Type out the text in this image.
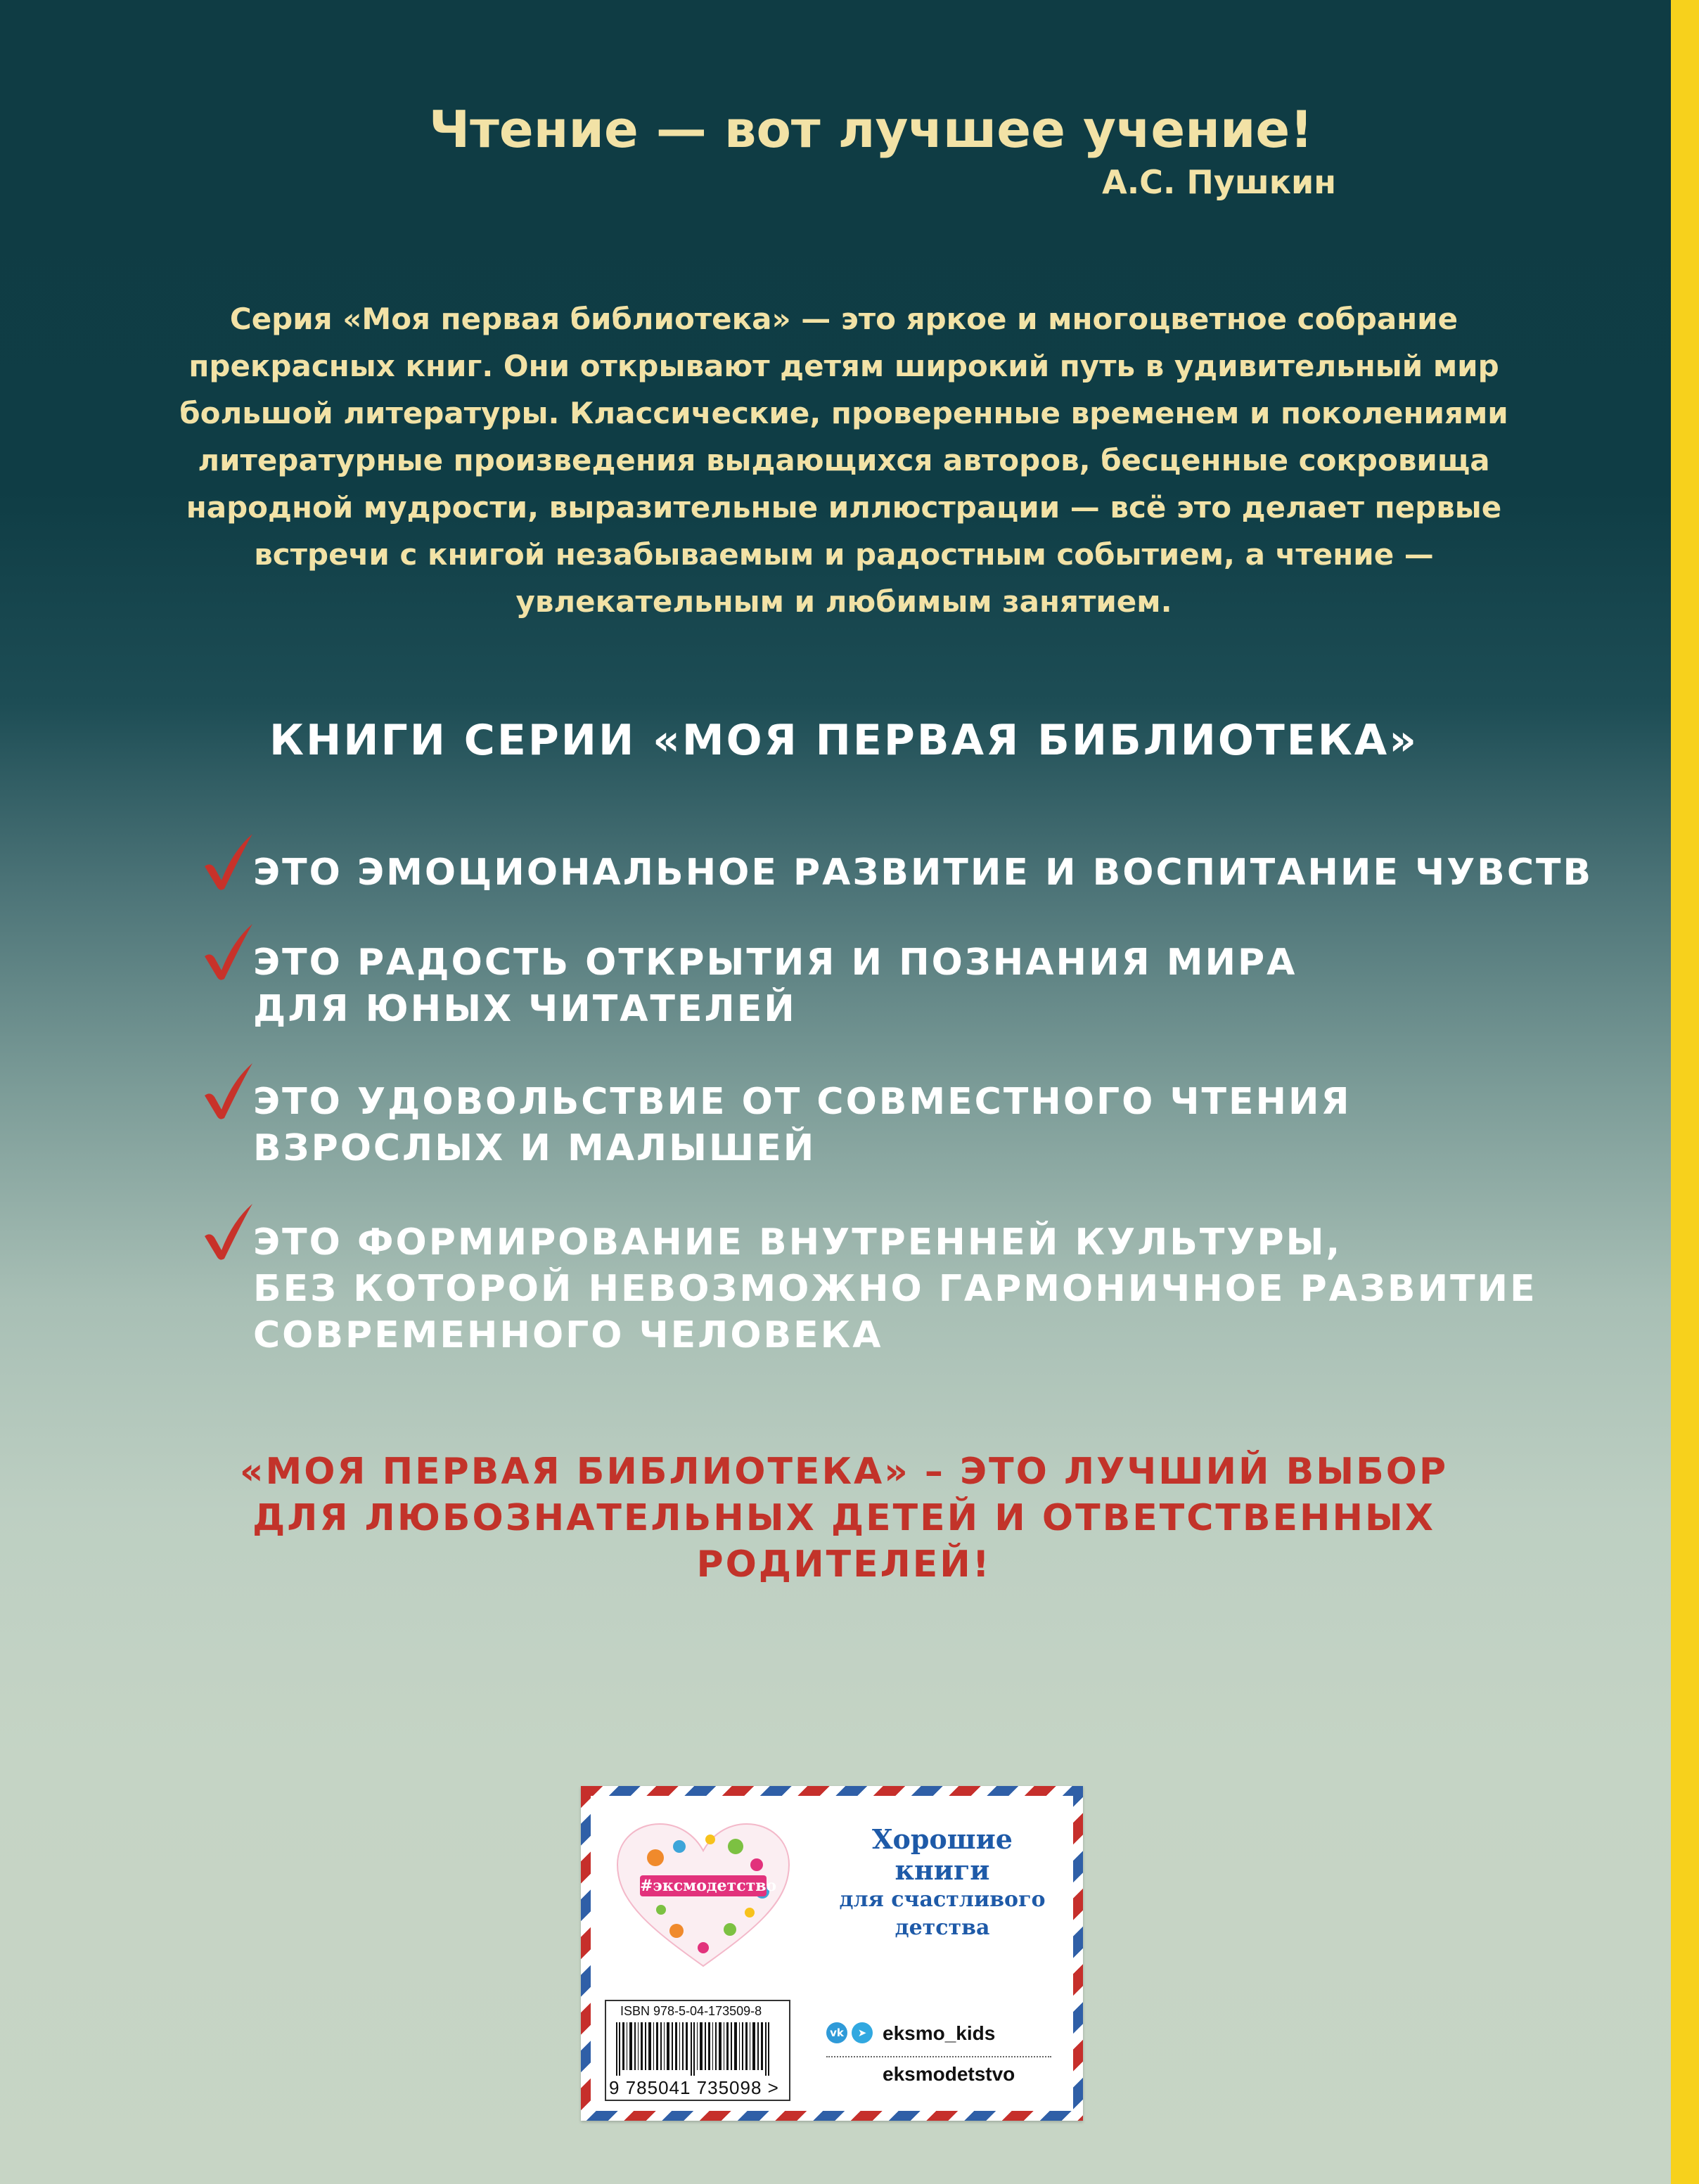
Чтение — вот лучшее учение!
А.С. Пушкин
Серия «Моя первая библиотека» — это яркое и многоцветное собрание
прекрасных книг. Они открывают детям широкий путь в удивительный мир
большой литературы. Классические, проверенные временем и поколениями
литературные произведения выдающихся авторов, бесценные сокровища
народной мудрости, выразительные иллюстрации — всё это делает первые
встречи с книгой незабываемым и радостным событием, а чтение —
увлекательным и любимым занятием.
КНИГИ СЕРИИ «МОЯ ПЕРВАЯ БИБЛИОТЕКА»
ЭТО ЭМОЦИОНАЛЬНОЕ РАЗВИТИЕ И ВОСПИТАНИЕ ЧУВСТВ
ЭТО РАДОСТЬ ОТКРЫТИЯ И ПОЗНАНИЯ МИРА
ДЛЯ ЮНЫХ ЧИТАТЕЛЕЙ
ЭТО УДОВОЛЬСТВИЕ ОТ СОВМЕСТНОГО ЧТЕНИЯ
ВЗРОСЛЫХ И МАЛЫШЕЙ
ЭТО ФОРМИРОВАНИЕ ВНУТРЕННЕЙ КУЛЬТУРЫ,
БЕЗ КОТОРОЙ НЕВОЗМОЖНО ГАРМОНИЧНОЕ РАЗВИТИЕ
СОВРЕМЕННОГО ЧЕЛОВЕКА
«МОЯ ПЕРВАЯ БИБЛИОТЕКА» – ЭТО ЛУЧШИЙ ВЫБОР
ДЛЯ ЛЮБОЗНАТЕЛЬНЫХ ДЕТЕЙ И ОТВЕТСТВЕННЫХ
РОДИТЕЛЕЙ!
#эксмодетство
Хорошие
книги
для счастливого
детства
ISBN 978-5-04-173509-8
9 785041 735098 >
vk	➤ eksmo_kids
eksmodetstvo
